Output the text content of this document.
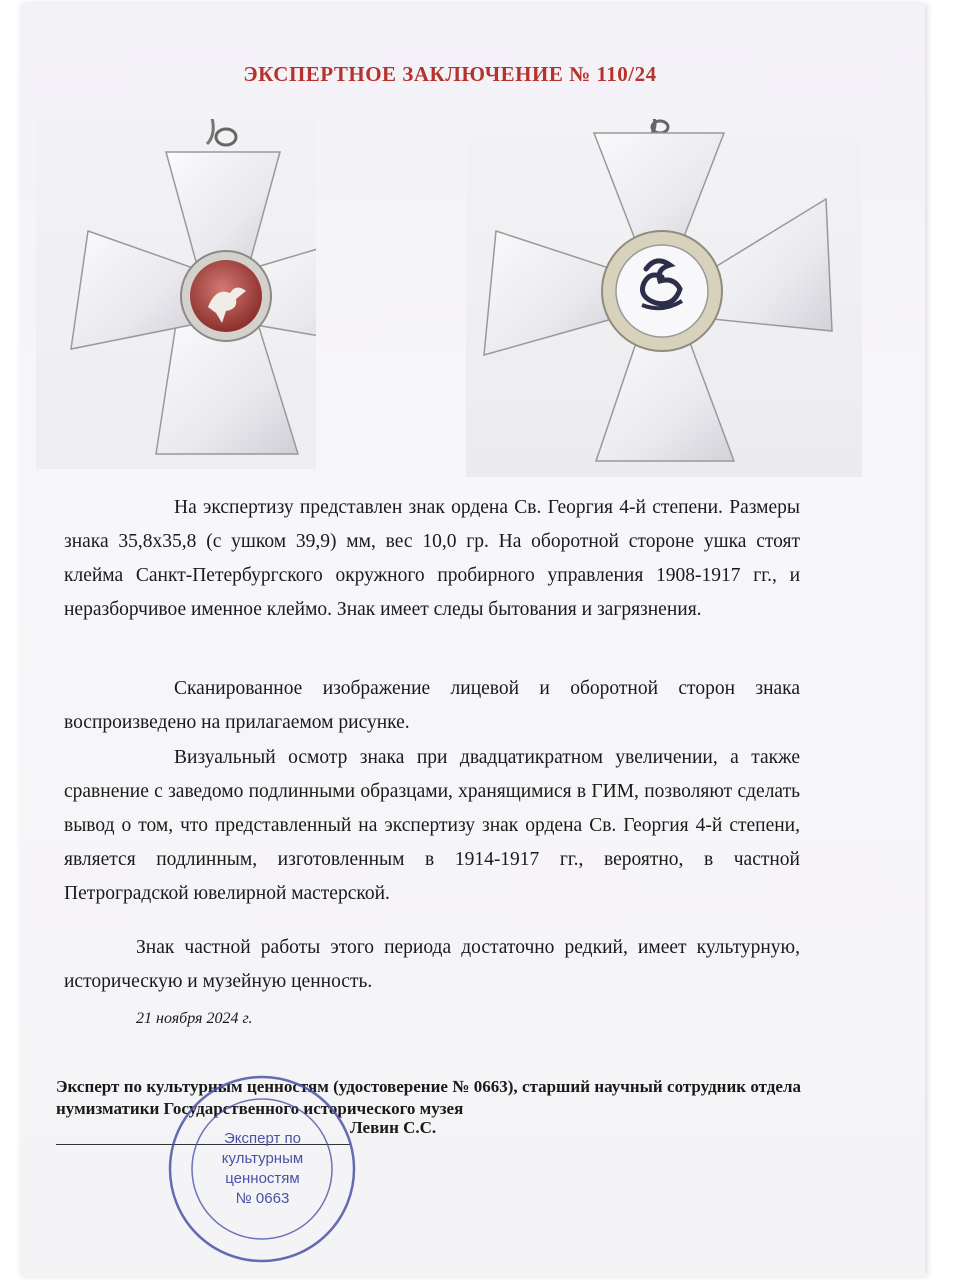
ЭКСПЕРТНОЕ ЗАКЛЮЧЕНИЕ № 110/24
На экспертизу представлен знак ордена Св. Георгия 4-й степени. Размеры знака 35,8x35,8 (с ушком 39,9) мм, вес 10,0 гр. На оборотной стороне ушка стоят клейма Санкт-Петербургского окружного пробирного управления 1908-1917 гг., и неразборчивое именное клеймо. Знак имеет следы бытования и загрязнения.
Сканированное изображение лицевой и оборотной сторон знака воспроизведено на прилагаемом рисунке.
Визуальный осмотр знака при двадцатикратном увеличении, а также сравнение с заведомо подлинными образцами, хранящимися в ГИМ, позволяют сделать вывод о том, что представленный на экспертизу знак ордена Св. Георгия 4-й степени, является подлинным, изготовленным в 1914-1917 гг., вероятно, в частной Петроградской ювелирной мастерской.
Знак частной работы этого периода достаточно редкий, имеет культурную, историческую и музейную ценность.
21 ноября 2024 г.
Эксперт по культурным ценностям (удостоверение № 0663), старший научный сотрудник отдела нумизматики Государственного исторического музея
Левин С.С.
Эксперт по
культурным
ценностям
№ 0663
